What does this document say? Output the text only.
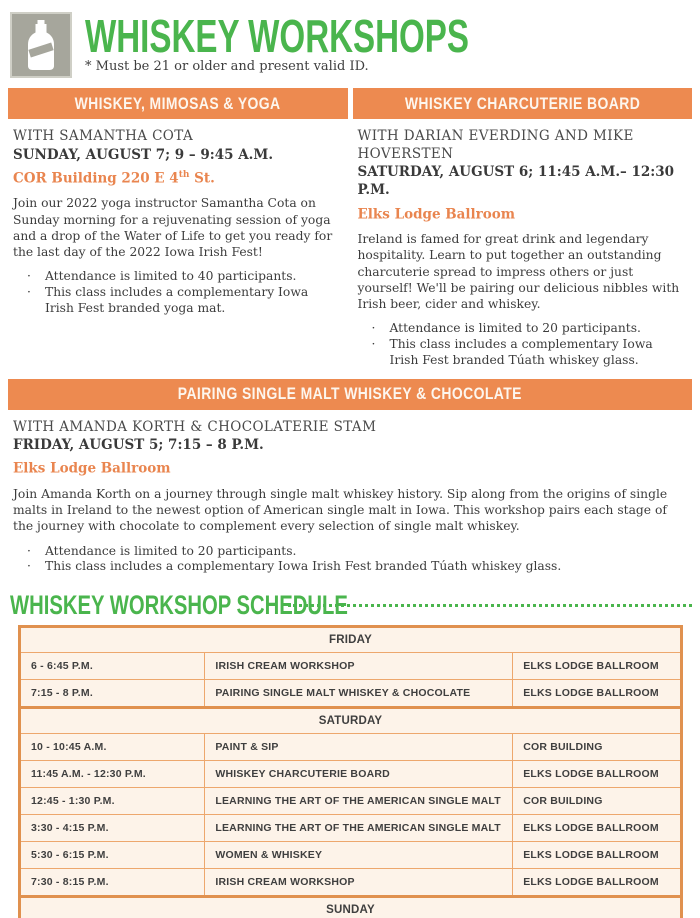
WHISKEY WORKSHOPS
* Must be 21 or older and present valid ID.
WHISKEY, MIMOSAS & YOGA
WITH SAMANTHA COTA
SUNDAY, AUGUST 7; 9 – 9:45 A.M.
COR Building 220 E 4th St.
Join our 2022 yoga instructor Samantha Cota on Sunday morning for a rejuvenating session of yoga and a drop of the Water of Life to get you ready for the last day of the 2022 Iowa Irish Fest!
·	Attendance is limited to 40 participants.
·	This class includes a complementary Iowa Irish Fest branded yoga mat.
WHISKEY CHARCUTERIE BOARD
WITH DARIAN EVERDING AND MIKE HOVERSTEN
SATURDAY, AUGUST 6; 11:45 A.M.– 12:30 P.M.
Elks Lodge Ballroom
Ireland is famed for great drink and legendary hospitality. Learn to put together an outstanding charcuterie spread to impress others or just yourself! We'll be pairing our delicious nibbles with Irish beer, cider and whiskey.
·	Attendance is limited to 20 participants.
·	This class includes a complementary Iowa Irish Fest branded Túath whiskey glass.
PAIRING SINGLE MALT WHISKEY & CHOCOLATE
WITH AMANDA KORTH & CHOCOLATERIE STAM
FRIDAY, AUGUST 5; 7:15 – 8 P.M.
Elks Lodge Ballroom
Join Amanda Korth on a journey through single malt whiskey history. Sip along from the origins of single malts in Ireland to the newest option of American single malt in Iowa. This workshop pairs each stage of the journey with chocolate to complement every selection of single malt whiskey.
·	Attendance is limited to 20 participants.
·	This class includes a complementary Iowa Irish Fest branded Túath whiskey glass.
WHISKEY WORKSHOP SCHEDULE
FRIDAY		
6 - 6:45 P.M.	IRISH CREAM WORKSHOP	ELKS LODGE BALLROOM
7:15 - 8 P.M.	PAIRING SINGLE MALT WHISKEY & CHOCOLATE	ELKS LODGE BALLROOM
SATURDAY		
10 - 10:45 A.M.	PAINT & SIP	COR BUILDING
11:45 A.M. - 12:30 P.M.	WHISKEY CHARCUTERIE BOARD	ELKS LODGE BALLROOM
12:45 - 1:30 P.M.	LEARNING THE ART OF THE AMERICAN SINGLE MALT	COR BUILDING
3:30 - 4:15 P.M.	LEARNING THE ART OF THE AMERICAN SINGLE MALT	ELKS LODGE BALLROOM
5:30 - 6:15 P.M.	WOMEN & WHISKEY	ELKS LODGE BALLROOM
7:30 - 8:15 P.M.	IRISH CREAM WORKSHOP	ELKS LODGE BALLROOM
SUNDAY		
